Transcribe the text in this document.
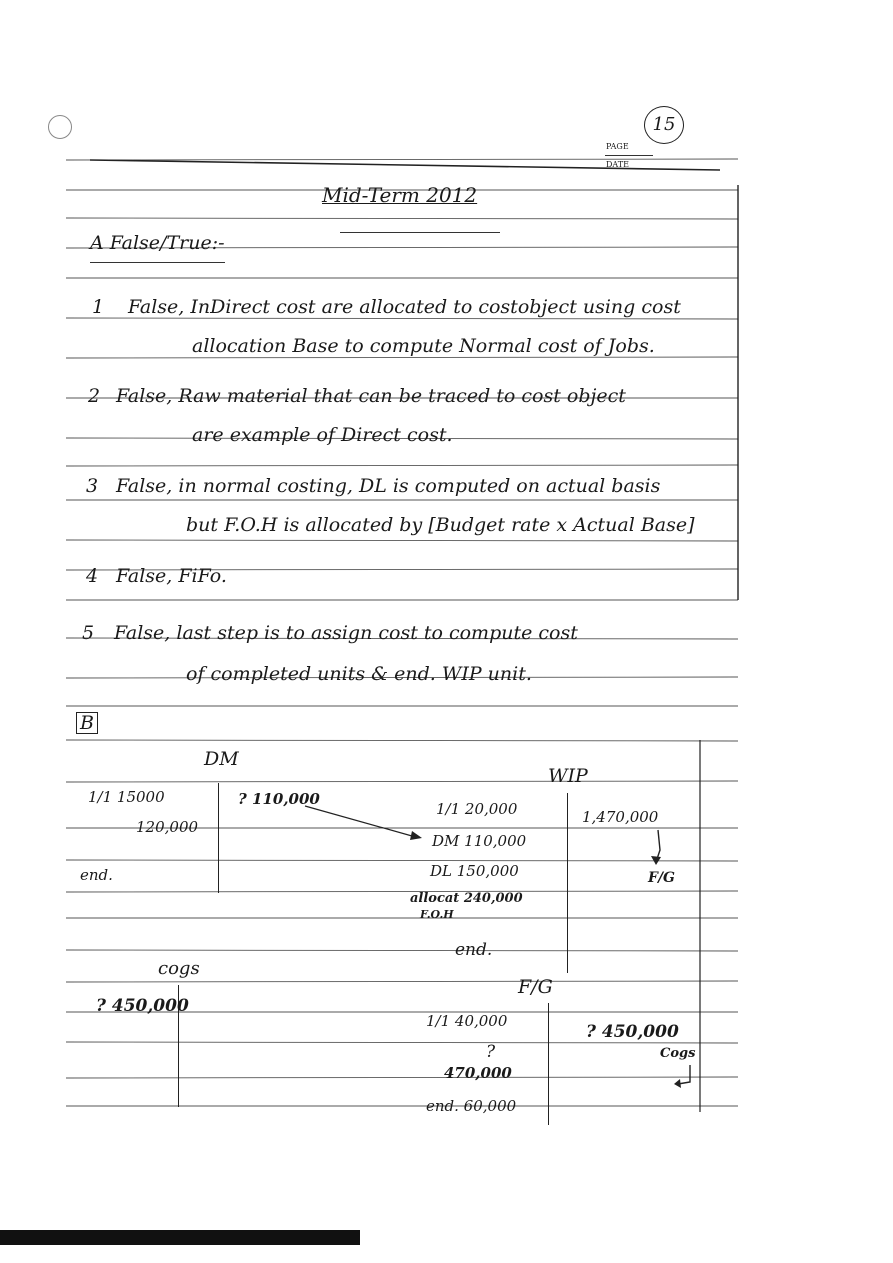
15
PAGE
DATE
Mid-Term 2012
A False/True:-
1 False, InDirect cost are allocated to costobject using cost
allocation Base to compute Normal cost of Jobs.
2 False, Raw material that can be traced to cost object
are example of Direct cost.
3 False, in normal costing, DL is computed on actual basis
but F.O.H is allocated by [Budget rate x Actual Base]
4 False, FiFo.
5 False, last step is to assign cost to compute cost
of completed units & end. WIP unit.
B
DM
1/1 15000
120,000
end.
? 110,000
WIP
1/1 20,000
DM 110,000
DL 150,000
allocat 240,000
F.O.H
end.
1,470,000
F/G
cogs
? 450,000
F/G
1/1 40,000
?
470,000
end. 60,000
? 450,000
Cogs
